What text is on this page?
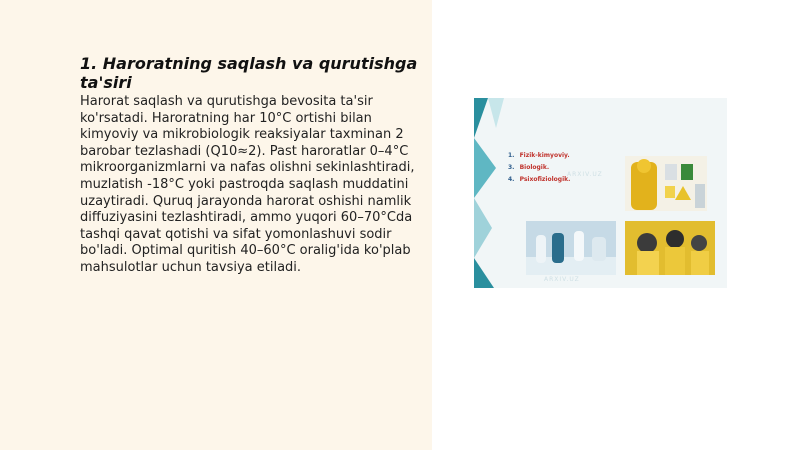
1. Haroratning saqlash va qurutishga ta'siri

Harorat saqlash va qurutishga bevosita ta'sir ko'rsatadi. Haroratning har 10°C ortishi bilan kimyoviy va mikrobiologik reaksiyalar taxminan 2 barobar tezlashadi (Q10≈2). Past haroratlar 0–4°C mikroorganizmlarni va nafas olishni sekinlashtiradi, muzlatish -18°C yoki pastroqda saqlash muddatini uzaytiradi. Quruq jarayonda harorat oshishi namlik diffuziyasini tezlashtiradi, ammo yuqori 60–70°Cda tashqi qavat qotishi va sifat yomonlashuvi sodir bo'ladi. Optimal quritish 40–60°C oralig'ida ko'plab mahsulotlar uchun tavsiya etiladi.

1. Fizik-kimyoviy.
3. Biologik.
4. Psixofiziologik.
ARXIV.UZ
ARXIV.UZ
